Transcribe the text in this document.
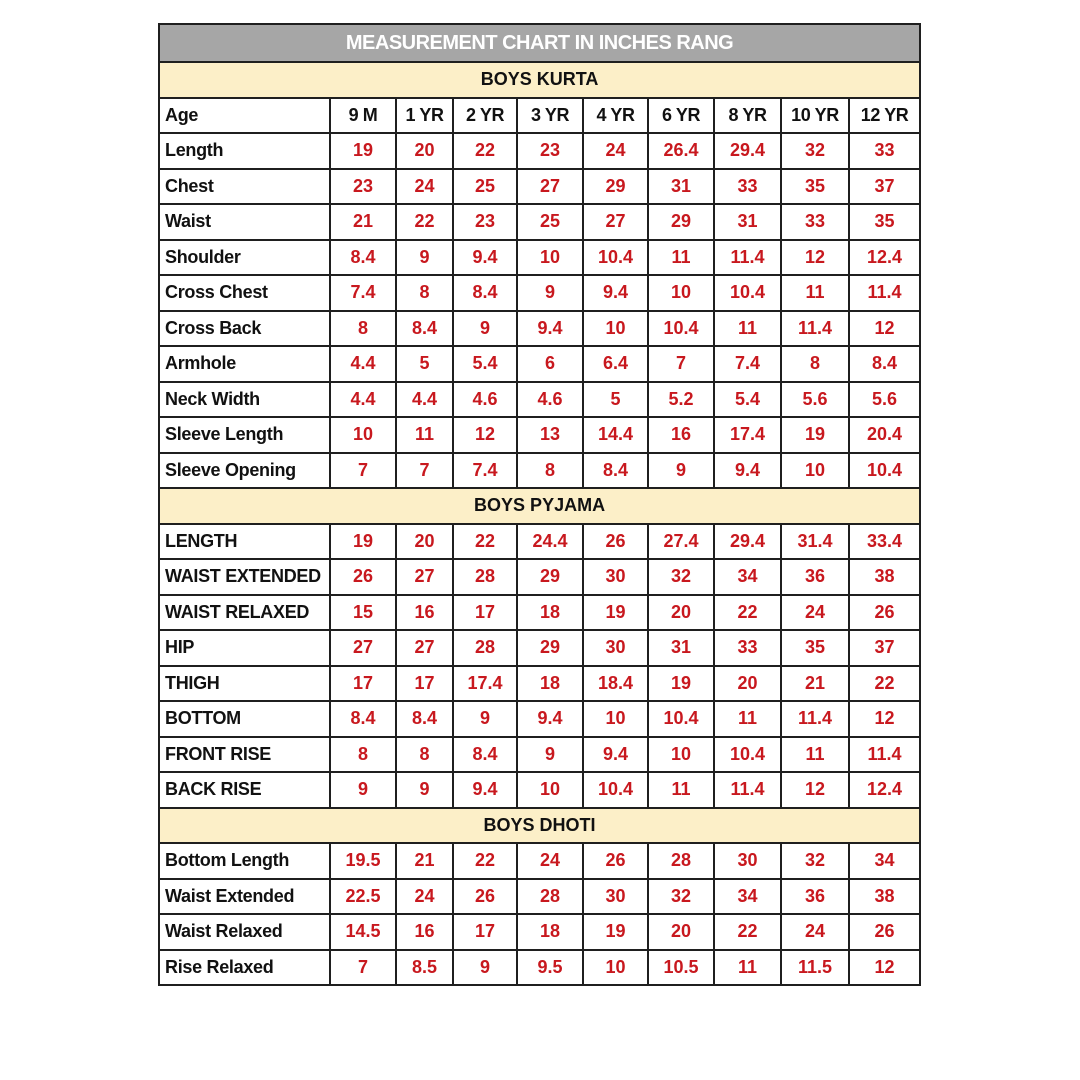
MEASUREMENT CHART IN INCHES RANG									
BOYS KURTA									
Age	9 M	1 YR	2 YR	3 YR	4 YR	6 YR	8 YR	10 YR	12 YR
Length	19	20	22	23	24	26.4	29.4	32	33
Chest	23	24	25	27	29	31	33	35	37
Waist	21	22	23	25	27	29	31	33	35
Shoulder	8.4	9	9.4	10	10.4	11	11.4	12	12.4
Cross Chest	7.4	8	8.4	9	9.4	10	10.4	11	11.4
Cross Back	8	8.4	9	9.4	10	10.4	11	11.4	12
Armhole	4.4	5	5.4	6	6.4	7	7.4	8	8.4
Neck Width	4.4	4.4	4.6	4.6	5	5.2	5.4	5.6	5.6
Sleeve Length	10	11	12	13	14.4	16	17.4	19	20.4
Sleeve Opening	7	7	7.4	8	8.4	9	9.4	10	10.4
BOYS PYJAMA									
LENGTH	19	20	22	24.4	26	27.4	29.4	31.4	33.4
WAIST EXTENDED	26	27	28	29	30	32	34	36	38
WAIST RELAXED	15	16	17	18	19	20	22	24	26
HIP	27	27	28	29	30	31	33	35	37
THIGH	17	17	17.4	18	18.4	19	20	21	22
BOTTOM	8.4	8.4	9	9.4	10	10.4	11	11.4	12
FRONT RISE	8	8	8.4	9	9.4	10	10.4	11	11.4
BACK RISE	9	9	9.4	10	10.4	11	11.4	12	12.4
BOYS DHOTI									
Bottom Length	19.5	21	22	24	26	28	30	32	34
Waist Extended	22.5	24	26	28	30	32	34	36	38
Waist Relaxed	14.5	16	17	18	19	20	22	24	26
Rise Relaxed	7	8.5	9	9.5	10	10.5	11	11.5	12
